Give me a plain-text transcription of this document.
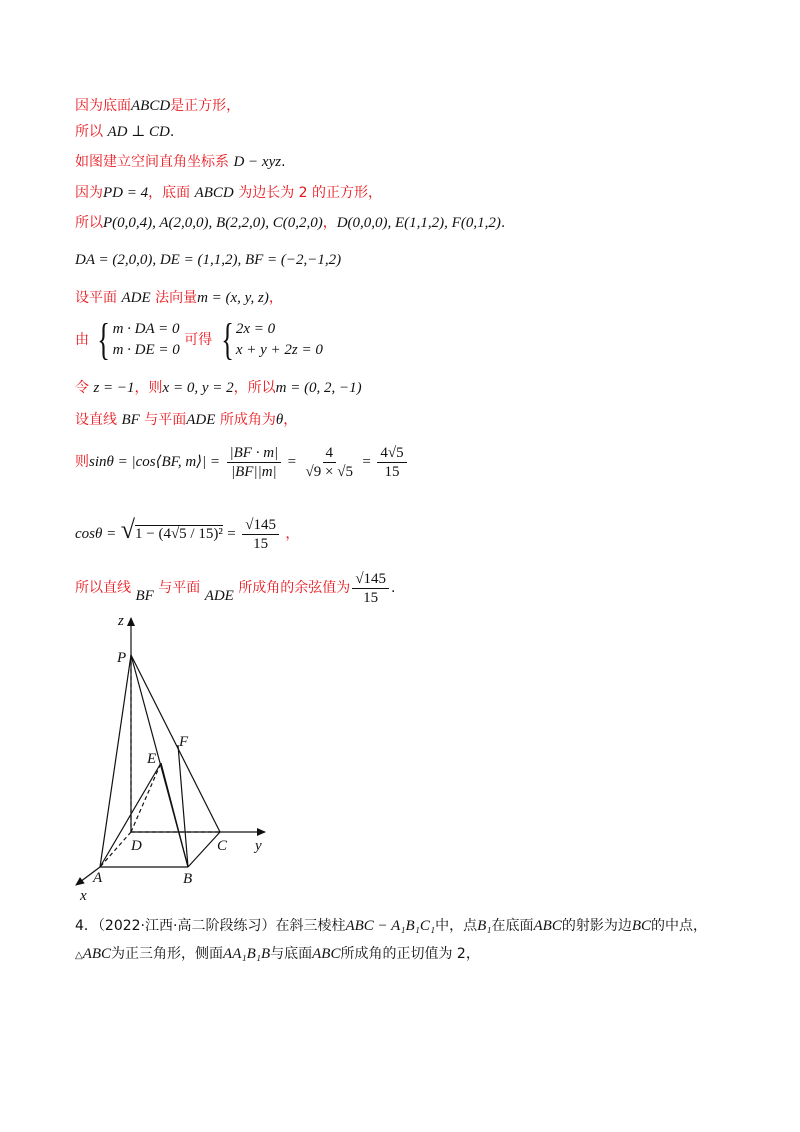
因为底面ABCD是正方形，
所以 AD ⊥ CD.
如图建立空间直角坐标系 D − xyz.
因为PD = 4，底面 ABCD 为边长为 2 的正方形，
所以P(0,0,4), A(2,0,0), B(2,2,0), C(0,2,0)，D(0,0,0), E(1,1,2), F(0,1,2).
DA = (2,0,0), DE = (1,1,2), BF = (−2,−1,2)
设平面 ADE 法向量m = (x, y, z)，
由 { m · DA = 0
m · DE = 0
可得 { 2x = 0
x + y + 2z = 0
令 z = −1，则x = 0, y = 2，所以m = (0, 2, −1)
设直线 BF 与平面ADE 所成角为θ，
则sinθ = |cos⟨BF, m⟩| = $\frac{|BF \cdot m|}{|BF||m|} = \frac{4}{√9 \times √5} = \frac{4√5}{15}$
$\cos\theta = √1 - (4√5 / 15)^2 = \frac{√145}{15}$ ，
所以直线 BF 与平面 ADE 所成角的余弦值为 $\frac{√145}{15}$ .
z
y
x
P
F
E
D	C
A	B
4．（2022·江西·高二阶段练习）在斜三棱柱ABC − A₁B₁C₁中，点B₁在底面ABC的射影为边BC的中点，
△ABC为正三角形，侧面AA₁B₁B与底面ABC所成角的正切值为 2，
